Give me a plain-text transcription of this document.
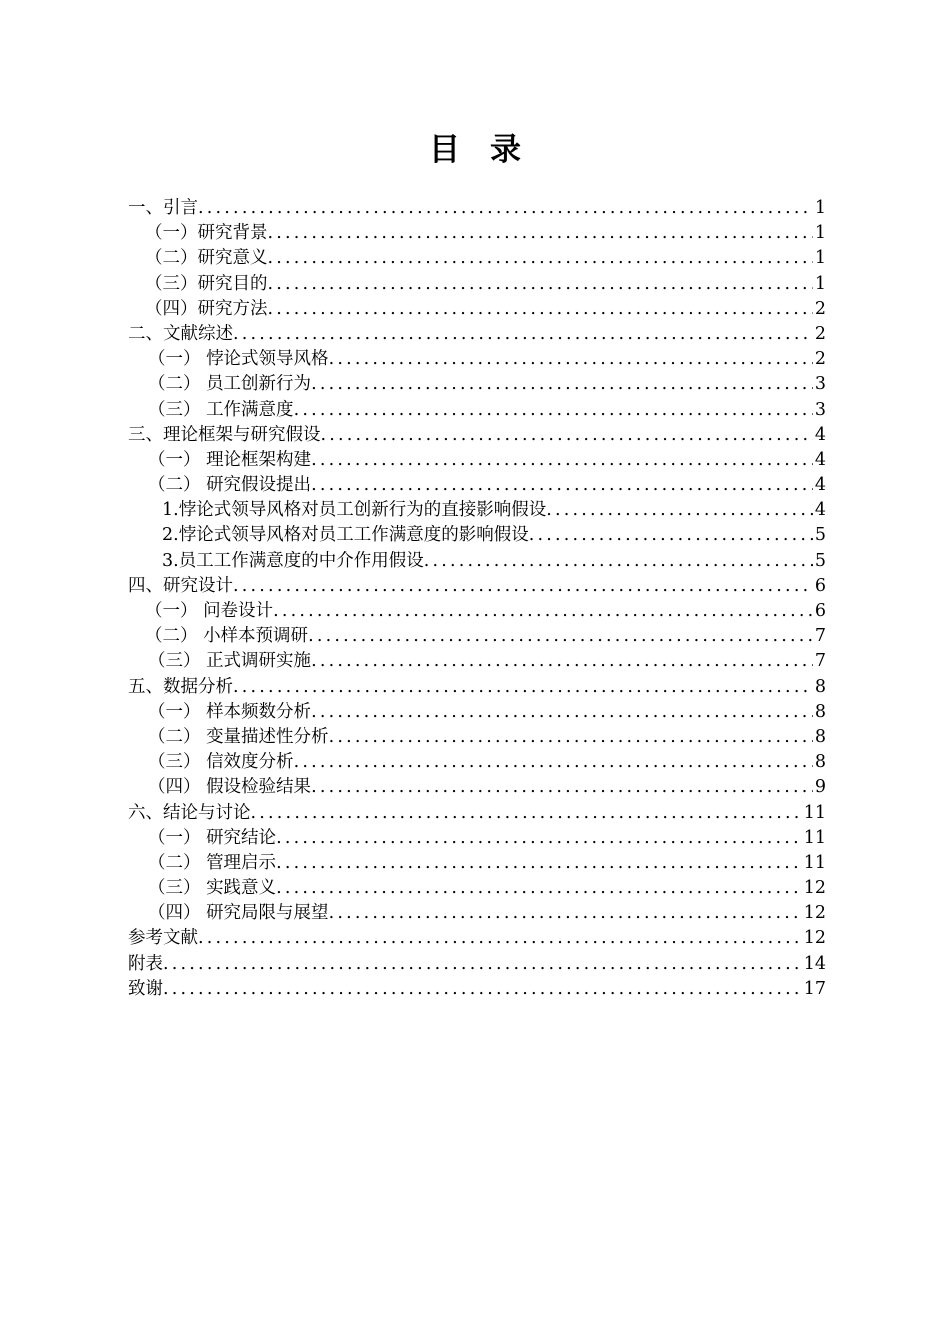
目录
一、引言 .....	1
（一）研究背景 .....	1
（二）研究意义 .....	1
（三）研究目的 .....	1
（四）研究方法 .....	2
二、文献综述 .....	2
（一） 悖论式领导风格 .....	2
（二） 员工创新行为 .....	3
（三） 工作满意度 .....	3
三、理论框架与研究假设 .....	4
（一） 理论框架构建 .....	4
（二） 研究假设提出 .....	4
1.悖论式领导风格对员工创新行为的直接影响假设 .....	4
2.悖论式领导风格对员工工作满意度的影响假设 .....	5
3.员工工作满意度的中介作用假设 .....	5
四、研究设计 .....	6
（一） 问卷设计 .....	6
（二） 小样本预调研 .....	7
（三） 正式调研实施 .....	7
五、数据分析 .....	8
（一） 样本频数分析 .....	8
（二） 变量描述性分析 .....	8
（三） 信效度分析 .....	8
（四） 假设检验结果 .....	9
六、结论与讨论 .....	11
（一） 研究结论 .....	11
（二） 管理启示 .....	11
（三） 实践意义 .....	12
（四） 研究局限与展望 .....	12
参考文献 .....	12
附表 .....	14
致谢 .....	17
